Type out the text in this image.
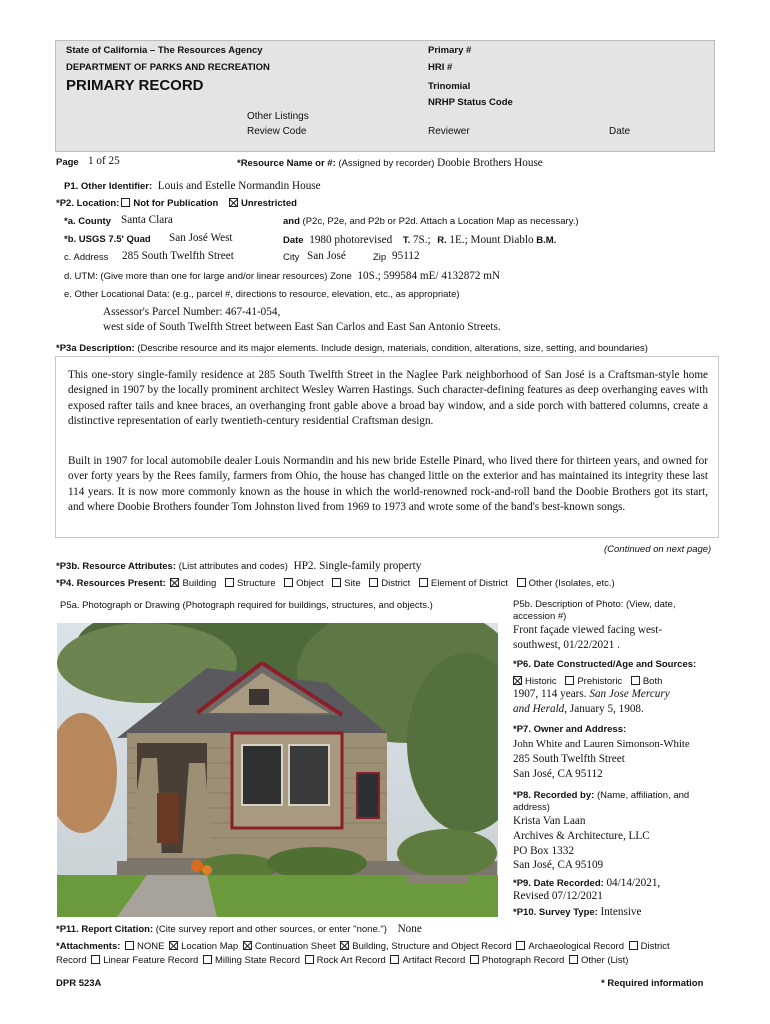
State of California – The Resources Agency
DEPARTMENT OF PARKS AND RECREATION
PRIMARY RECORD
Primary #
HRI #
Trinomial
NRHP Status Code
Other Listings
Review Code	Reviewer	Date
Page 1 of 25	*Resource Name or #: (Assigned by recorder) Doobie Brothers House
P1. Other Identifier: Louis and Estelle Normandin House
*P2. Location: Not for Publication Unrestricted
*a. County Santa Clara	and (P2c, P2e, and P2b or P2d. Attach a Location Map as necessary.)
*b. USGS 7.5' Quad San José West	Date 1980 photorevised T. 7S.; R. 1E.; Mount Diablo B.M.
c. Address 285 South Twelfth Street	City San José	Zip 95112
d. UTM: (Give more than one for large and/or linear resources) Zone 10S.; 599584 mE/ 4132872 mN
e. Other Locational Data: (e.g., parcel #, directions to resource, elevation, etc., as appropriate)
Assessor's Parcel Number: 467-41-054,
west side of South Twelfth Street between East San Carlos and East San Antonio Streets.
*P3a Description: (Describe resource and its major elements. Include design, materials, condition, alterations, size, setting, and boundaries)
This one-story single-family residence at 285 South Twelfth Street in the Naglee Park neighborhood of San José is a Craftsman-style home designed in 1907 by the locally prominent architect Wesley Warren Hastings. Such character-defining features as deep overhanging eaves with exposed rafter tails and knee braces, an overhanging front gable above a broad bay window, and a side porch with battered columns, create a distinctive representation of early twentieth-century residential Craftsman design.
Built in 1907 for local automobile dealer Louis Normandin and his new bride Estelle Pinard, who lived there for thirteen years, and owned for over forty years by the Rees family, farmers from Ohio, the house has changed little on the exterior and has maintained its integrity these last 114 years. It is now more commonly known as the house in which the world-renowned rock-and-roll band the Doobie Brothers got its start, and where Doobie Brothers founder Tom Johnston lived from 1969 to 1973 and wrote some of the band's best-known songs.
(Continued on next page)
*P3b. Resource Attributes: (List attributes and codes) HP2. Single-family property
*P4. Resources Present: Building Structure Object Site District Element of District Other (Isolates, etc.)
P5a. Photograph or Drawing (Photograph required for buildings, structures, and objects.)	P5b. Description of Photo: (View, date, accession #)
Front façade viewed facing west-
southwest, 01/22/2021 .
*P6. Date Constructed/Age and Sources:
Historic Prehistoric Both
1907, 114 years. San Jose Mercury
and Herald, January 5, 1908.
*P7. Owner and Address:
John White and Lauren Simonson-White
285 South Twelfth Street
San José, CA 95112
*P8. Recorded by: (Name, affiliation, and
address)
Krista Van Laan
Archives & Architecture, LLC
PO Box 1332
San José, CA 95109
*P9. Date Recorded: 04/14/2021,
Revised 07/12/2021
*P10. Survey Type: Intensive
*P11. Report Citation: (Cite survey report and other sources, or enter "none.") None
*Attachments: NONE Location Map Continuation Sheet Building, Structure and Object Record Archaeological Record District
Record Linear Feature Record Milling State Record Rock Art Record Artifact Record Photograph Record Other (List)
DPR 523A	* Required information
